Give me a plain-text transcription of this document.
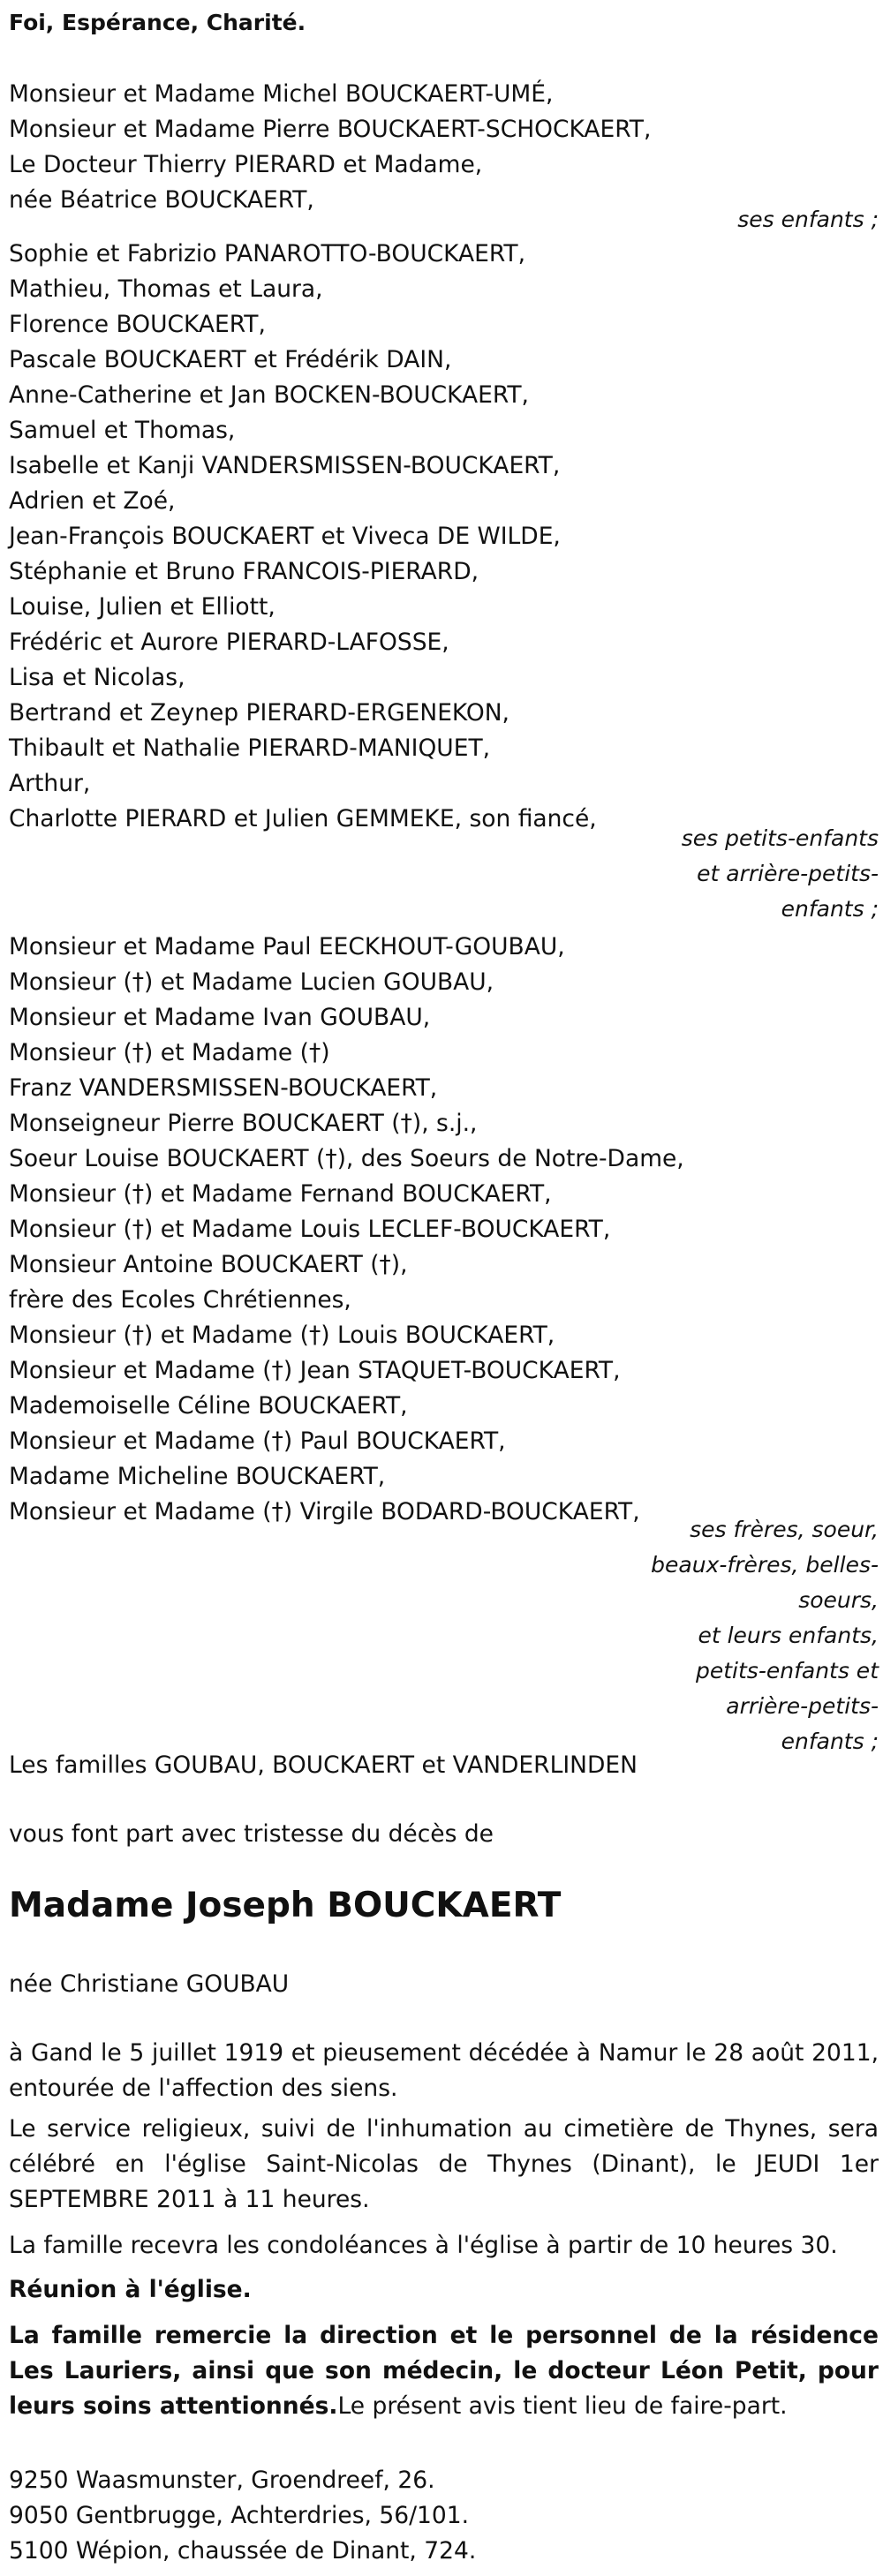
Foi, Espérance, Charité.
Monsieur et Madame Michel BOUCKAERT-UMÉ,
Monsieur et Madame Pierre BOUCKAERT-SCHOCKAERT,
Le Docteur Thierry PIERARD et Madame,
née Béatrice BOUCKAERT,
ses enfants ;
Sophie et Fabrizio PANAROTTO-BOUCKAERT,
Mathieu, Thomas et Laura,
Florence BOUCKAERT,
Pascale BOUCKAERT et Frédérik DAIN,
Anne-Catherine et Jan BOCKEN-BOUCKAERT,
Samuel et Thomas,
Isabelle et Kanji VANDERSMISSEN-BOUCKAERT,
Adrien et Zoé,
Jean-François BOUCKAERT et Viveca DE WILDE,
Stéphanie et Bruno FRANCOIS-PIERARD,
Louise, Julien et Elliott,
Frédéric et Aurore PIERARD-LAFOSSE,
Lisa et Nicolas,
Bertrand et Zeynep PIERARD-ERGENEKON,
Thibault et Nathalie PIERARD-MANIQUET,
Arthur,
Charlotte PIERARD et Julien GEMMEKE, son fiancé,
ses petits-enfants
et arrière-petits-
enfants ;
Monsieur et Madame Paul EECKHOUT-GOUBAU,
Monsieur (†) et Madame Lucien GOUBAU,
Monsieur et Madame Ivan GOUBAU,
Monsieur (†) et Madame (†)
Franz VANDERSMISSEN-BOUCKAERT,
Monseigneur Pierre BOUCKAERT (†), s.j.,
Soeur Louise BOUCKAERT (†), des Soeurs de Notre-Dame,
Monsieur (†) et Madame Fernand BOUCKAERT,
Monsieur (†) et Madame Louis LECLEF-BOUCKAERT,
Monsieur Antoine BOUCKAERT (†),
frère des Ecoles Chrétiennes,
Monsieur (†) et Madame (†) Louis BOUCKAERT,
Monsieur et Madame (†) Jean STAQUET-BOUCKAERT,
Mademoiselle Céline BOUCKAERT,
Monsieur et Madame (†) Paul BOUCKAERT,
Madame Micheline BOUCKAERT,
Monsieur et Madame (†) Virgile BODARD-BOUCKAERT,
ses frères, soeur,
beaux-frères, belles-
soeurs,
et leurs enfants,
petits-enfants et
arrière-petits-
enfants ;

Les familles GOUBAU, BOUCKAERT et VANDERLINDEN

vous font part avec tristesse du décès de

Madame Joseph BOUCKAERT

née Christiane GOUBAU

à Gand le 5 juillet 1919 et pieusement décédée à Namur le 28 août 2011, entourée de l'affection des siens.

Le service religieux, suivi de l'inhumation au cimetière de Thynes, sera célébré en l'église Saint-Nicolas de Thynes (Dinant), le JEUDI 1er SEPTEMBRE 2011 à 11 heures.

La famille recevra les condoléances à l'église à partir de 10 heures 30.

Réunion à l'église.

La famille remercie la direction et le personnel de la résidence Les Lauriers, ainsi que son médecin, le docteur Léon Petit, pour leurs soins attentionnés.Le présent avis tient lieu de faire-part.

9250 Waasmunster, Groendreef, 26.
9050 Gentbrugge, Achterdries, 56/101.
5100 Wépion, chaussée de Dinant, 724.
